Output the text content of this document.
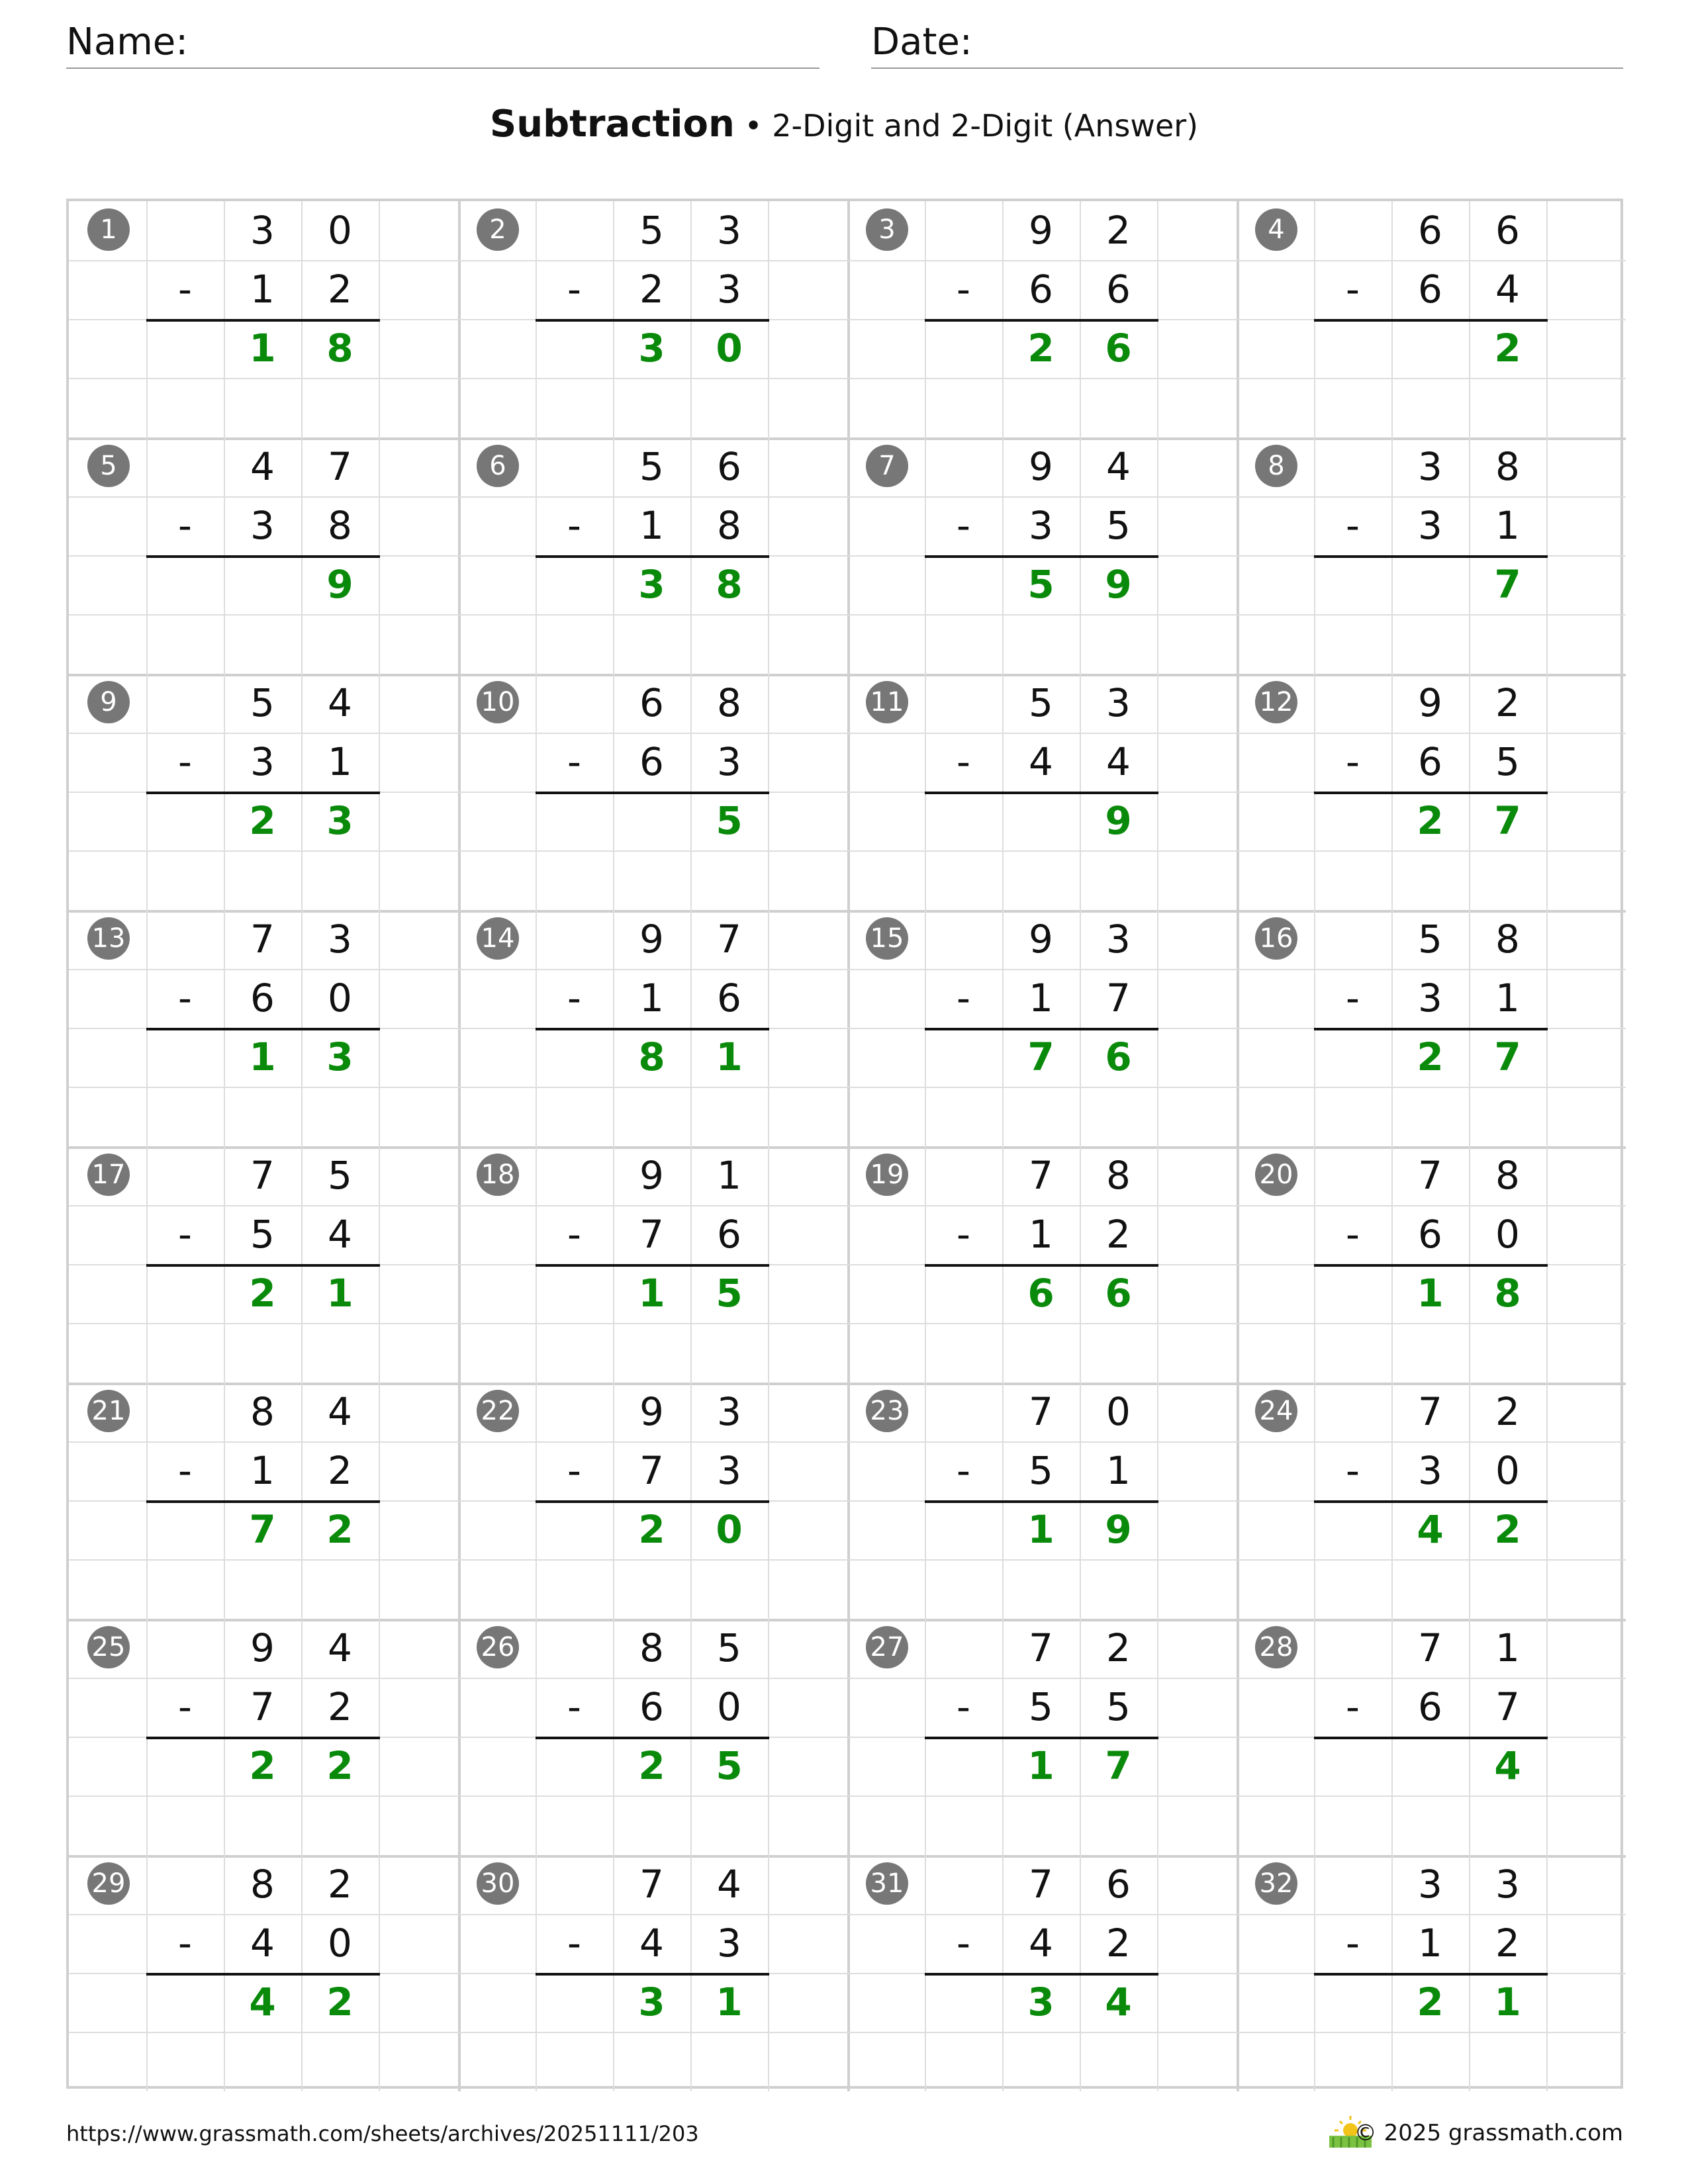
Name:	Date:
Subtraction • 2-Digit and 2-Digit (Answer)
1	3	0
-	1	2
1	8
2	5	3
-	2	3
3	0
3	9	2
-	6	6
2	6
4	6	6
-	6	4
2
5	4	7
-	3	8
9
6	5	6
-	1	8
3	8
7	9	4
-	3	5
5	9
8	3	8
-	3	1
7
9	5	4
-	3	1
2	3
10	6	8
-	6	3
5
11	5	3
-	4	4
9
12	9	2
-	6	5
2	7
13	7	3
-	6	0
1	3
14	9	7
-	1	6
8	1
15	9	3
-	1	7
7	6
16	5	8
-	3	1
2	7
17	7	5
-	5	4
2	1
18	9	1
-	7	6
1	5
19	7	8
-	1	2
6	6
20	7	8
-	6	0
1	8
21	8	4
-	1	2
7	2
22	9	3
-	7	3
2	0
23	7	0
-	5	1
1	9
24	7	2
-	3	0
4	2
25	9	4
-	7	2
2	2
26	8	5
-	6	0
2	5
27	7	2
-	5	5
1	7
28	7	1
-	6	7
4
29	8	2
-	4	0
4	2
30	7	4
-	4	3
3	1
31	7	6
-	4	2
3	4
32	3	3
-	1	2
2	1
https://www.grassmath.com/sheets/archives/20251111/203	© 2025 grassmath.com
